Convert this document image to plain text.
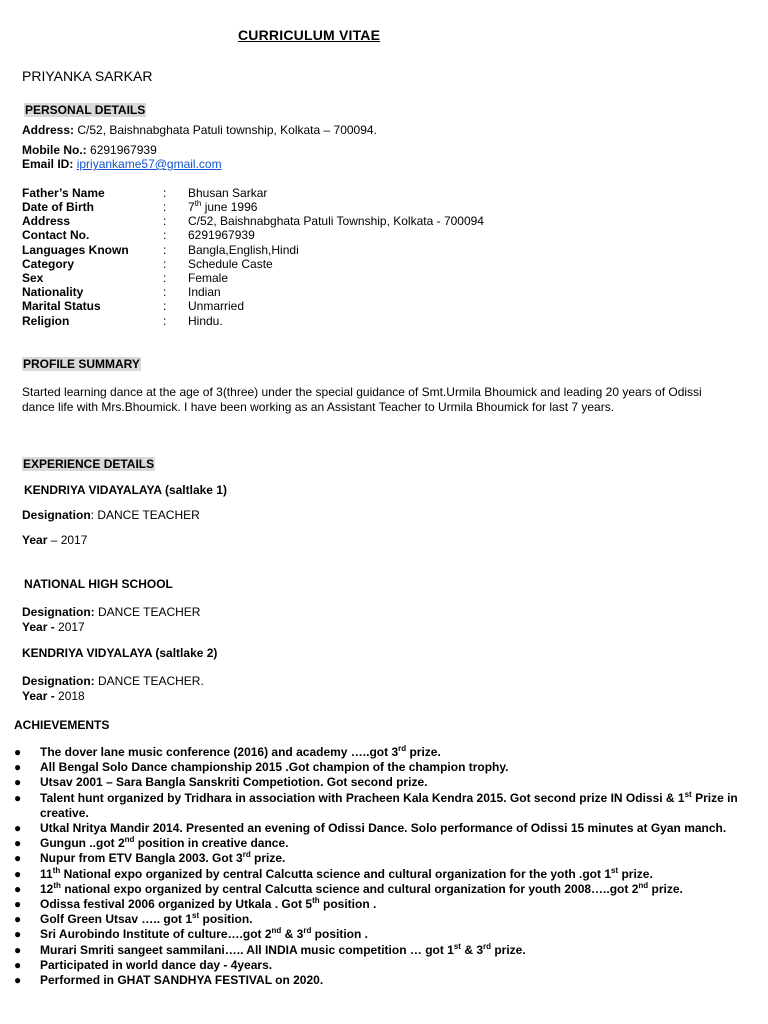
CURRICULUM VITAE
PRIYANKA SARKAR
PERSONAL DETAILS
Address: C/52, Baishnabghata Patuli township, Kolkata – 700094.
Mobile No.: 6291967939
Email ID: ipriyankame57@gmail.com
Father’s Name	: Bhusan Sarkar
Date of Birth	: 7th june 1996
Address	: C/52, Baishnabghata Patuli Township, Kolkata - 700094
Contact No.	: 6291967939
Languages Known	: Bangla,English,Hindi
Category	: Schedule Caste
Sex	: Female
Nationality	: Indian
Marital Status	: Unmarried
Religion	: Hindu.
PROFILE SUMMARY
Started learning dance at the age of 3(three) under the special guidance of Smt.Urmila Bhoumick and leading 20 years of Odissi dance life with Mrs.Bhoumick. I have been working as an Assistant Teacher to Urmila Bhoumick for last 7 years.
EXPERIENCE DETAILS
KENDRIYA VIDAYALAYA (saltlake 1)
Designation: DANCE TEACHER
Year – 2017
NATIONAL HIGH SCHOOL
Designation: DANCE TEACHER
Year - 2017
KENDRIYA VIDYALAYA (saltlake 2)
Designation: DANCE TEACHER.
Year - 2018
ACHIEVEMENTS
● The dover lane music conference (2016) and academy …..got 3rd prize.
● All Bengal Solo Dance championship 2015 .Got champion of the champion trophy.
● Utsav 2001 – Sara Bangla Sanskriti Competiotion. Got second prize.
● Talent hunt organized by Tridhara in association with Pracheen Kala Kendra 2015. Got second prize IN Odissi & 1st Prize in creative.
● Utkal Nritya Mandir 2014. Presented an evening of Odissi Dance. Solo performance of Odissi 15 minutes at Gyan manch.
● Gungun ..got 2nd position in creative dance.
● Nupur from ETV Bangla 2003. Got 3rd prize.
● 11th National expo organized by central Calcutta science and cultural organization for the yoth .got 1st prize.
● 12th national expo organized by central Calcutta science and cultural organization for youth 2008…..got 2nd prize.
● Odissa festival 2006 organized by Utkala . Got 5th position .
● Golf Green Utsav ….. got 1st position.
● Sri Aurobindo Institute of culture….got 2nd & 3rd position .
● Murari Smriti sangeet sammilani….. All INDIA music competition … got 1st & 3rd prize.
● Participated in world dance day - 4years.
● Performed in GHAT SANDHYA FESTIVAL on 2020.
